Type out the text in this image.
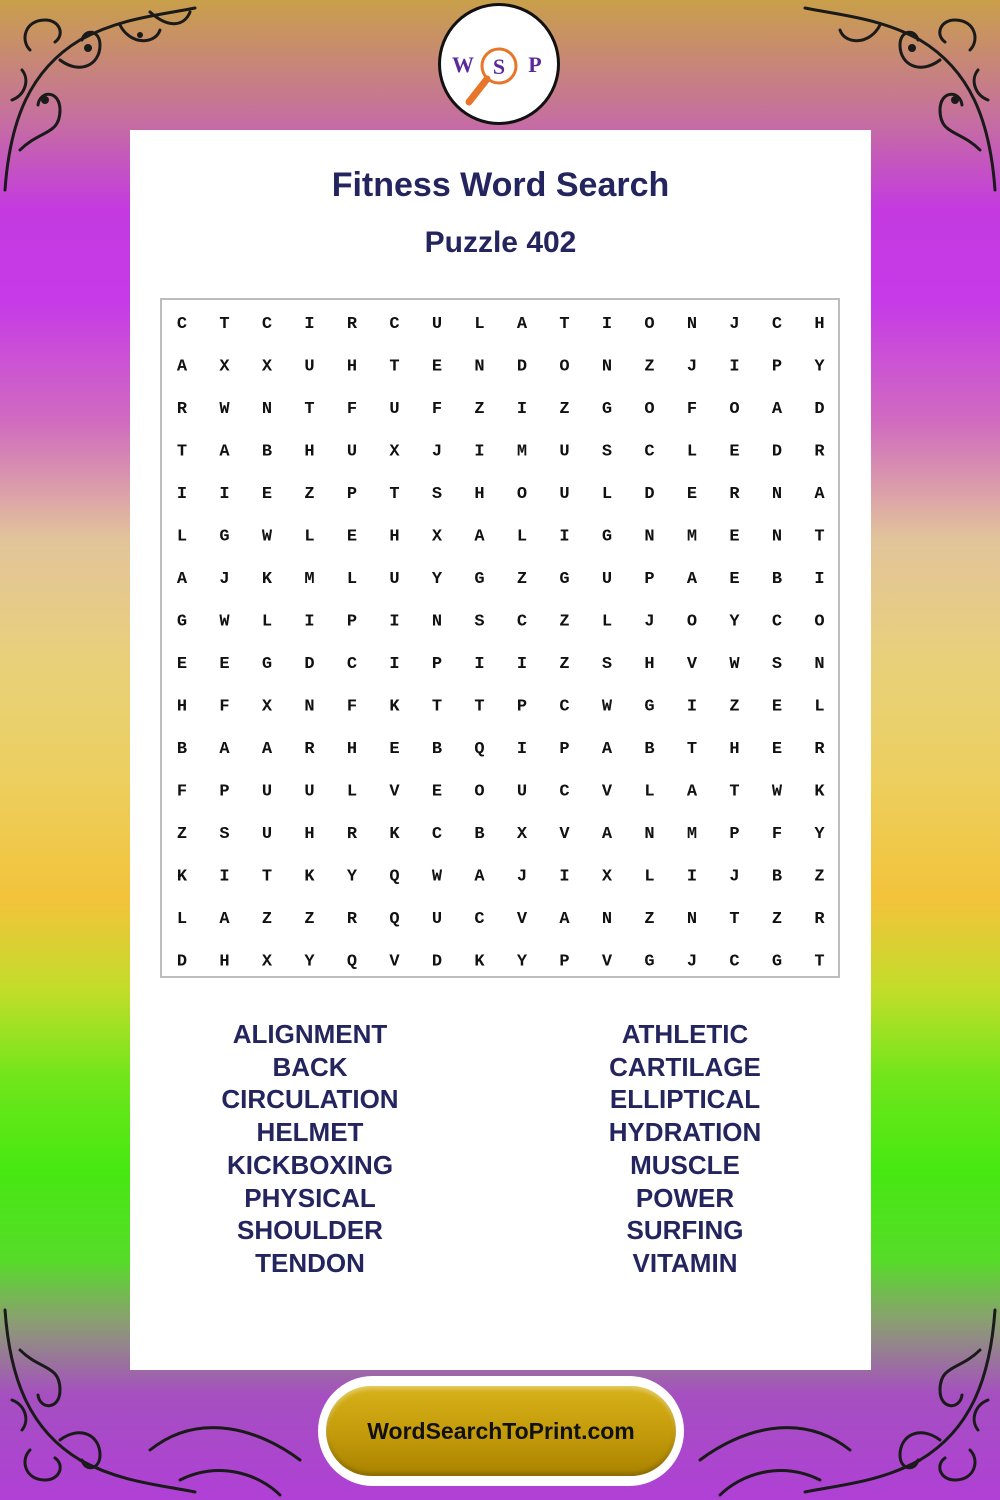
W S P
Fitness Word Search
Puzzle 402
C T C I R C U L A T I O N J C H
A X X U H T E N D O N Z J I P Y
R W N T F U F Z I Z G O F O A D
T A B H U X J I M U S C L E D R
I I E Z P T S H O U L D E R N A
L G W L E H X A L I G N M E N T
A J K M L U Y G Z G U P A E B I
G W L I P I N S C Z L J O Y C O
E E G D C I P I I Z S H V W S N
H F X N F K T T P C W G I Z E L
B A A R H E B Q I P A B T H E R
F P U U L V E O U C V L A T W K
Z S U H R K C B X V A N M P F Y
K I T K Y Q W A J I X L I J B Z
L A Z Z R Q U C V A N Z N T Z R
D H X Y Q V D K Y P V G J C G T
ALIGNMENT
BACK
CIRCULATION
HELMET
KICKBOXING
PHYSICAL
SHOULDER
TENDON
ATHLETIC
CARTILAGE
ELLIPTICAL
HYDRATION
MUSCLE
POWER
SURFING
VITAMIN
WordSearchToPrint.com
